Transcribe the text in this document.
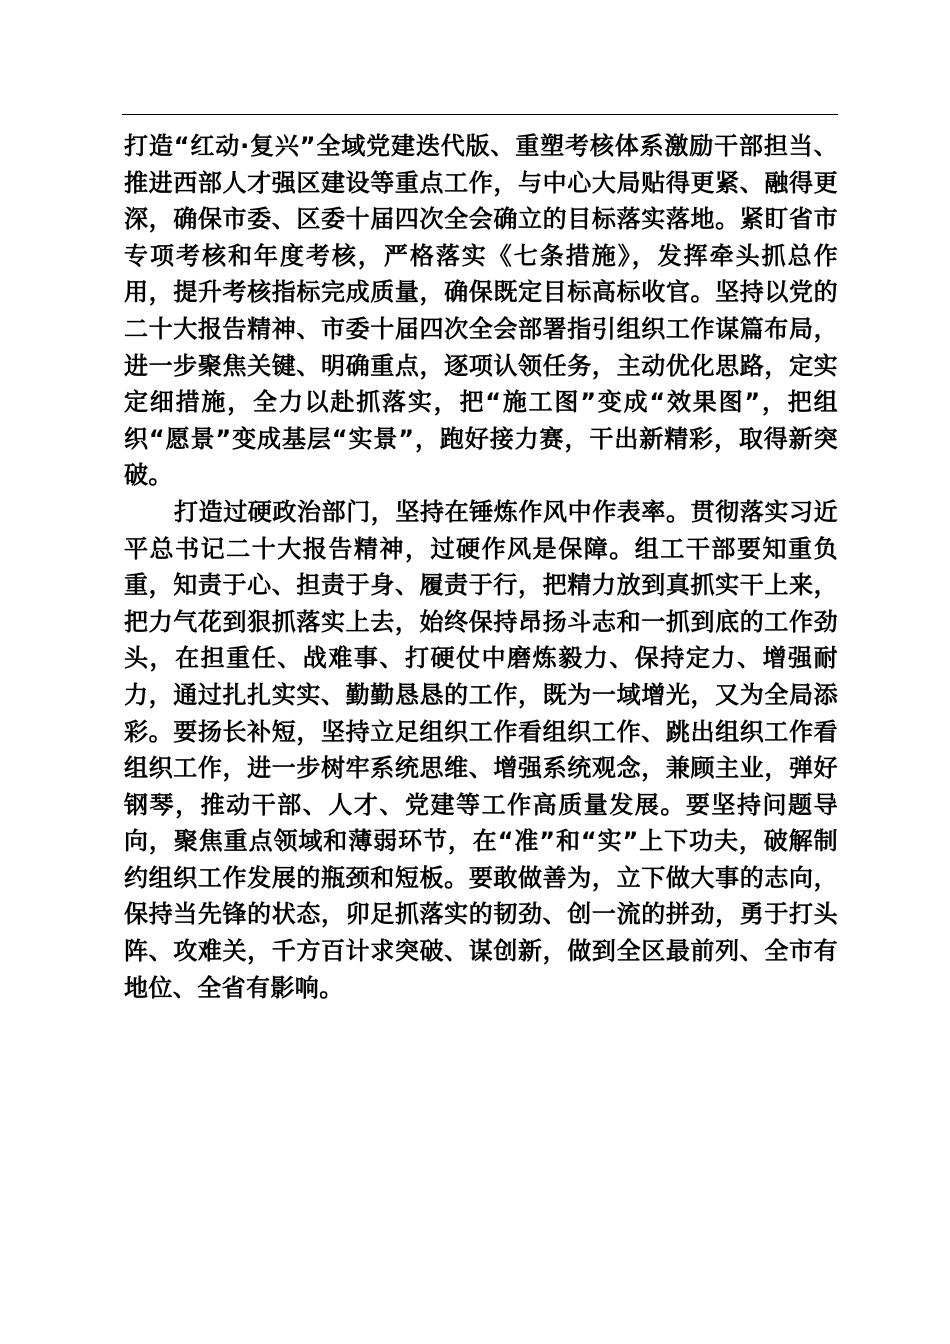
打造“红动·复兴”全域党建迭代版、重塑考核体系激励干部担当、推进西部人才强区建设等重点工作，与中心大局贴得更紧、融得更深，确保市委、区委十届四次全会确立的目标落实落地。紧盯省市专项考核和年度考核，严格落实《七条措施》，发挥牵头抓总作用，提升考核指标完成质量，确保既定目标高标收官。坚持以党的二十大报告精神、市委十届四次全会部署指引组织工作谋篇布局，进一步聚焦关键、明确重点，逐项认领任务，主动优化思路，定实定细措施，全力以赴抓落实，把“施工图”变成“效果图”，把组织“愿景”变成基层“实景”，跑好接力赛，干出新精彩，取得新突破。

打造过硬政治部门，坚持在锤炼作风中作表率。贯彻落实习近平总书记二十大报告精神，过硬作风是保障。组工干部要知重负重，知责于心、担责于身、履责于行，把精力放到真抓实干上来，把力气花到狠抓落实上去，始终保持昂扬斗志和一抓到底的工作劲头，在担重任、战难事、打硬仗中磨炼毅力、保持定力、增强耐力，通过扎扎实实、勤勤恳恳的工作，既为一域增光，又为全局添彩。要扬长补短，坚持立足组织工作看组织工作、跳出组织工作看组织工作，进一步树牢系统思维、增强系统观念，兼顾主业，弹好钢琴，推动干部、人才、党建等工作高质量发展。要坚持问题导向，聚焦重点领域和薄弱环节，在“准”和“实”上下功夫，破解制约组织工作发展的瓶颈和短板。要敢做善为，立下做大事的志向，保持当先锋的状态，卯足抓落实的韧劲、创一流的拼劲，勇于打头阵、攻难关，千方百计求突破、谋创新，做到全区最前列、全市有地位、全省有影响。
